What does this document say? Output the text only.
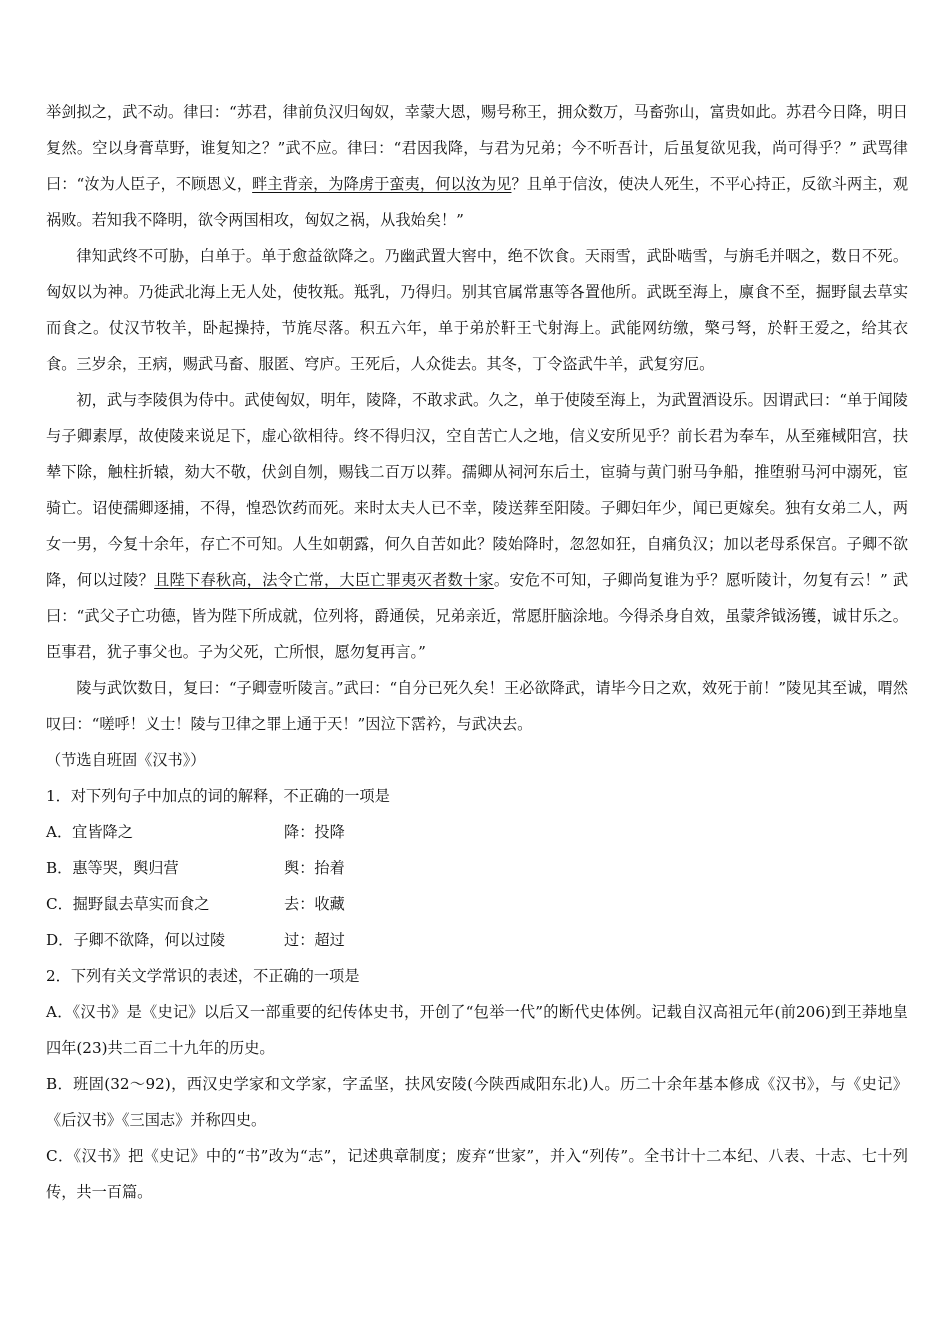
举剑拟之，武不动。律曰：“苏君，律前负汉归匈奴，幸蒙大恩，赐号称王，拥众数万，马畜弥山，富贵如此。苏君今日降，明日复然。空以身膏草野，谁复知之？”武不应。律曰：“君因我降，与君为兄弟；今不听吾计，后虽复欲见我，尚可得乎？” 武骂律曰：“汝为人臣子，不顾恩义，畔主背亲，为降虏于蛮夷，何以汝为见？且单于信汝，使决人死生，不平心持正，反欲斗两主，观祸败。若知我不降明，欲令两国相攻，匈奴之祸，从我始矣！”

律知武终不可胁，白单于。单于愈益欲降之。乃幽武置大窖中，绝不饮食。天雨雪，武卧啮雪，与旃毛并咽之，数日不死。匈奴以为神。乃徙武北海上无人处，使牧羝。羝乳，乃得归。别其官属常惠等各置他所。武既至海上，廪食不至，掘野鼠去草实而食之。仗汉节牧羊，卧起操持，节旄尽落。积五六年，单于弟於靬王弋射海上。武能网纺缴，檠弓弩，於靬王爱之，给其衣食。三岁余，王病，赐武马畜、服匿、穹庐。王死后，人众徙去。其冬，丁令盗武牛羊，武复穷厄。

初，武与李陵俱为侍中。武使匈奴，明年，陵降，不敢求武。久之，单于使陵至海上，为武置酒设乐。因谓武曰：“单于闻陵与子卿素厚，故使陵来说足下，虚心欲相待。终不得归汉，空自苦亡人之地，信义安所见乎？前长君为奉车，从至雍棫阳宫，扶辇下除，触柱折辕，劾大不敬，伏剑自刎，赐钱二百万以葬。孺卿从祠河东后土，宦骑与黄门驸马争船，推堕驸马河中溺死，宦骑亡。诏使孺卿逐捕，不得，惶恐饮药而死。来时太夫人已不幸，陵送葬至阳陵。子卿妇年少，闻已更嫁矣。独有女弟二人，两女一男，今复十余年，存亡不可知。人生如朝露，何久自苦如此？陵始降时，忽忽如狂，自痛负汉；加以老母系保宫。子卿不欲降，何以过陵？且陛下春秋高，法令亡常，大臣亡罪夷灭者数十家。安危不可知，子卿尚复谁为乎？愿听陵计，勿复有云！” 武曰：“武父子亡功德，皆为陛下所成就，位列将，爵通侯，兄弟亲近，常愿肝脑涂地。今得杀身自效，虽蒙斧钺汤镬，诚甘乐之。臣事君，犹子事父也。子为父死，亡所恨，愿勿复再言。”

陵与武饮数日，复曰：“子卿壹听陵言。”武曰：“自分已死久矣！王必欲降武，请毕今日之欢，效死于前！”陵见其至诚，喟然叹曰：“嗟呼！义士！陵与卫律之罪上通于天！”因泣下霑衿，与武决去。

（节选自班固《汉书》）

1．对下列句子中加点的词的解释，不正确的一项是

A．宜皆降之	降：投降

B．惠等哭，舆归营	舆：抬着

C．掘野鼠去草实而食之	去：收藏

D．子卿不欲降，何以过陵	过：超过

2．下列有关文学常识的表述，不正确的一项是

A．《汉书》是《史记》以后又一部重要的纪传体史书，开创了“包举一代”的断代史体例。记载自汉高祖元年(前206)到王莽地皇四年(23)共二百二十九年的历史。

B．班固(32～92)，西汉史学家和文学家，字孟坚，扶风安陵(今陕西咸阳东北)人。历二十余年基本修成《汉书》，与《史记》《后汉书》《三国志》并称四史。

C．《汉书》把《史记》中的“书”改为“志”，记述典章制度；废弃“世家”，并入“列传”。全书计十二本纪、八表、十志、七十列传，共一百篇。
